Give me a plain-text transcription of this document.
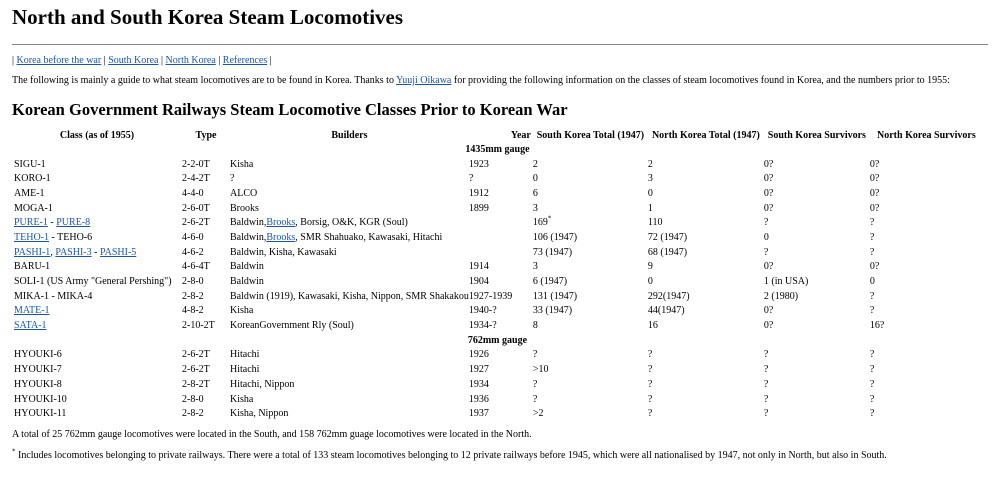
North and South Korea Steam Locomotives
| Korea before the war | South Korea | North Korea | References |
The following is mainly a guide to what steam locomotives are to be found in Korea. Thanks to Yuuji Oikawa for providing the following information on the classes of steam locomotives found in Korea, and the numbers prior to 1955:
Korean Government Railways Steam Locomotive Classes Prior to Korean War
Class (as of 1955)	Type	Builders	Year	South Korea Total (1947)	North Korea Total (1947)	South Korea Survivors	North Korea Survivors
1435mm gauge							
SIGU-1	2-2-0T	Kisha	1923	2	2	0?	0?
KORO-1	2-4-2T	?	?	0	3	0?	0?
AME-1	4-4-0	ALCO	1912	6	0	0?	0?
MOGA-1	2-6-0T	Brooks	1899	3	1	0?	0?
PURE-1 - PURE-8	2-6-2T	Baldwin,Brooks, Borsig, O&K, KGR (Soul)		169*	110	?	?
TEHO-1 - TEHO-6	4-6-0	Baldwin,Brooks, SMR Shahuako, Kawasaki, Hitachi		106 (1947)	72 (1947)	0	?
PASHI-1, PASHI-3 - PASHI-5	4-6-2	Baldwin, Kisha, Kawasaki		73 (1947)	68 (1947)	?	?
BARU-1	4-6-4T	Baldwin	1914	3	9	0?	0?
SOLI-1 (US Army "General Pershing")	2-8-0	Baldwin	1904	6 (1947)	0	1 (in USA)	0
MIKA-1 - MIKA-4	2-8-2	Baldwin (1919), Kawasaki, Kisha, Nippon, SMR Shakakou	1927-1939	131 (1947)	292(1947)	2 (1980)	?
MATE-1	4-8-2	Kisha	1940-?	33 (1947)	44(1947)	0?	?
SATA-1	2-10-2T	KoreanGovernment Rly (Soul)	1934-?	8	16	0?	16?
762mm gauge							
HYOUKI-6	2-6-2T	Hitachi	1926	?	?	?	?
HYOUKI-7	2-6-2T	Hitachi	1927	>10	?	?	?
HYOUKI-8	2-8-2T	Hitachi, Nippon	1934	?	?	?	?
HYOUKI-10	2-8-0	Kisha	1936	?	?	?	?
HYOUKI-11	2-8-2	Kisha, Nippon	1937	>2	?	?	?
A total of 25 762mm gauge locomotives were located in the South, and 158 762mm guage locomotives were located in the North.
* Includes locomotives belonging to private railways. There were a total of 133 steam locomotives belonging to 12 private railways before 1945, which were all nationalised by 1947, not only in North, but also in South.
